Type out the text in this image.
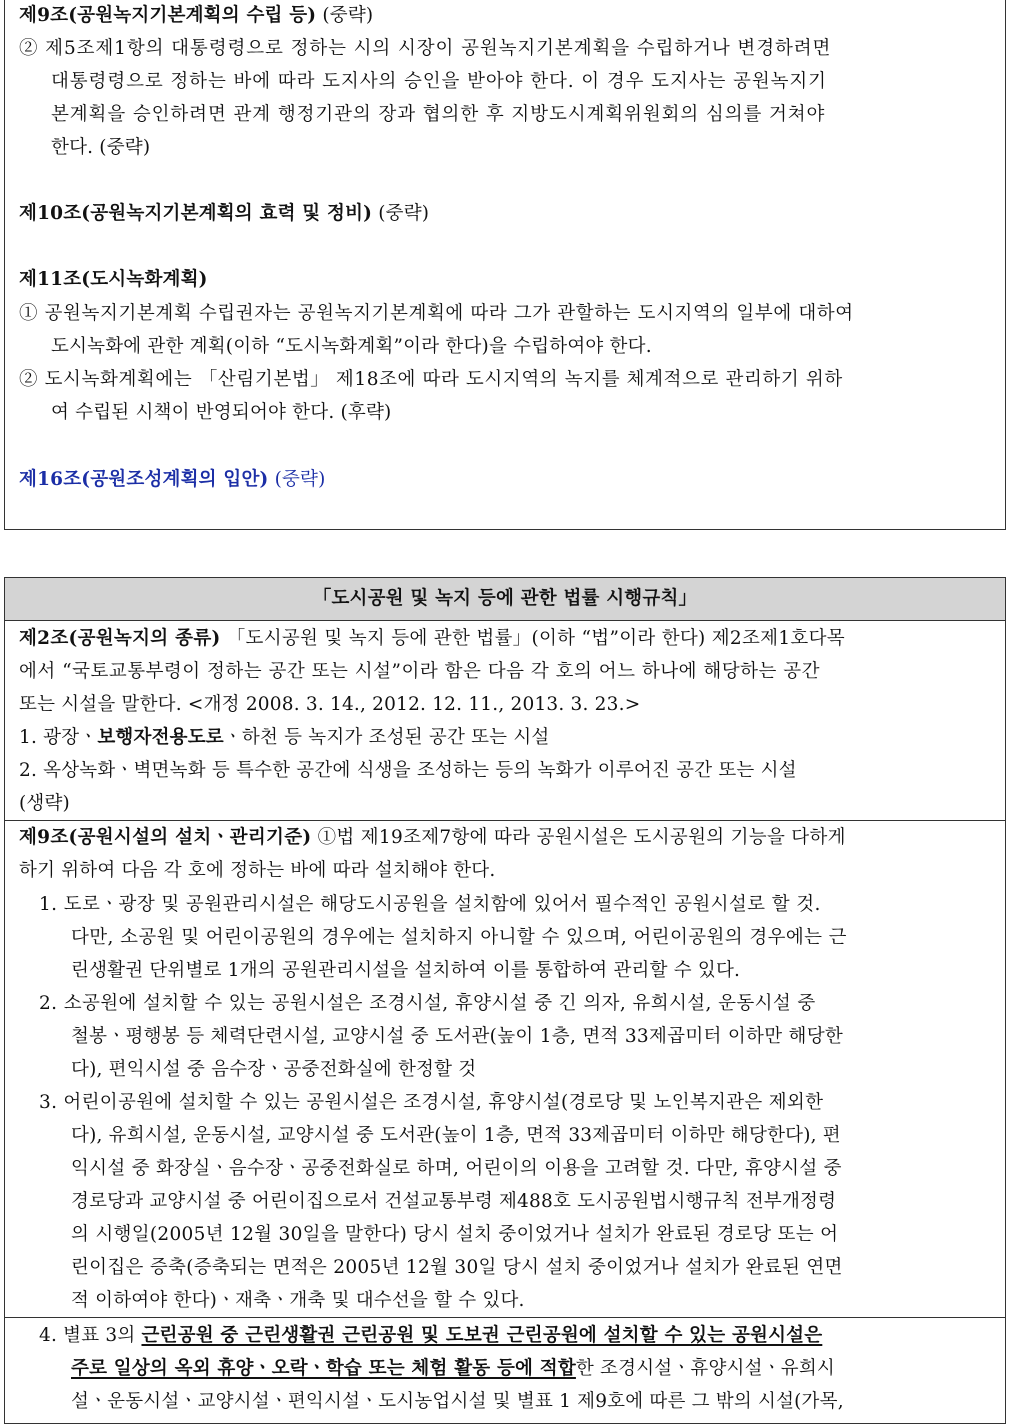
제9조(공원녹지기본계획의 수립 등) (중략)
② 제5조제1항의 대통령령으로 정하는 시의 시장이 공원녹지기본계획을 수립하거나 변경하려면
대통령령으로 정하는 바에 따라 도지사의 승인을 받아야 한다. 이 경우 도지사는 공원녹지기
본계획을 승인하려면 관계 행정기관의 장과 협의한 후 지방도시계획위원회의 심의를 거쳐야
한다. (중략)
제10조(공원녹지기본계획의 효력 및 정비) (중략)
제11조(도시녹화계획)
① 공원녹지기본계획 수립권자는 공원녹지기본계획에 따라 그가 관할하는 도시지역의 일부에 대하여
도시녹화에 관한 계획(이하 “도시녹화계획”이라 한다)을 수립하여야 한다.
② 도시녹화계획에는 「산림기본법」 제18조에 따라 도시지역의 녹지를 체계적으로 관리하기 위하
여 수립된 시책이 반영되어야 한다. (후략)
제16조(공원조성계획의 입안) (중략)
「도시공원 및 녹지 등에 관한 법률 시행규칙」
제2조(공원녹지의 종류) 「도시공원 및 녹지 등에 관한 법률」(이하 “법”이라 한다) 제2조제1호다목
에서 “국토교통부령이 정하는 공간 또는 시설”이라 함은 다음 각 호의 어느 하나에 해당하는 공간
또는 시설을 말한다. <개정 2008. 3. 14., 2012. 12. 11., 2013. 3. 23.>
1. 광장ㆍ보행자전용도로ㆍ하천 등 녹지가 조성된 공간 또는 시설
2. 옥상녹화ㆍ벽면녹화 등 특수한 공간에 식생을 조성하는 등의 녹화가 이루어진 공간 또는 시설
(생략)
제9조(공원시설의 설치ㆍ관리기준) ①법 제19조제7항에 따라 공원시설은 도시공원의 기능을 다하게
하기 위하여 다음 각 호에 정하는 바에 따라 설치해야 한다.
1. 도로ㆍ광장 및 공원관리시설은 해당도시공원을 설치함에 있어서 필수적인 공원시설로 할 것.
다만, 소공원 및 어린이공원의 경우에는 설치하지 아니할 수 있으며, 어린이공원의 경우에는 근
린생활권 단위별로 1개의 공원관리시설을 설치하여 이를 통합하여 관리할 수 있다.
2. 소공원에 설치할 수 있는 공원시설은 조경시설, 휴양시설 중 긴 의자, 유희시설, 운동시설 중
철봉ㆍ평행봉 등 체력단련시설, 교양시설 중 도서관(높이 1층, 면적 33제곱미터 이하만 해당한
다), 편익시설 중 음수장ㆍ공중전화실에 한정할 것
3. 어린이공원에 설치할 수 있는 공원시설은 조경시설, 휴양시설(경로당 및 노인복지관은 제외한
다), 유희시설, 운동시설, 교양시설 중 도서관(높이 1층, 면적 33제곱미터 이하만 해당한다), 편
익시설 중 화장실ㆍ음수장ㆍ공중전화실로 하며, 어린이의 이용을 고려할 것. 다만, 휴양시설 중
경로당과 교양시설 중 어린이집으로서 건설교통부령 제488호 도시공원법시행규칙 전부개정령
의 시행일(2005년 12월 30일을 말한다) 당시 설치 중이었거나 설치가 완료된 경로당 또는 어
린이집은 증축(증축되는 면적은 2005년 12월 30일 당시 설치 중이었거나 설치가 완료된 연면
적 이하여야 한다)ㆍ재축ㆍ개축 및 대수선을 할 수 있다.
4. 별표 3의 근린공원 중 근린생활권 근린공원 및 도보권 근린공원에 설치할 수 있는 공원시설은
주로 일상의 옥외 휴양ㆍ오락ㆍ학습 또는 체험 활동 등에 적합한 조경시설ㆍ휴양시설ㆍ유희시
설ㆍ운동시설ㆍ교양시설ㆍ편익시설ㆍ도시농업시설 및 별표 1 제9호에 따른 그 밖의 시설(가목,
